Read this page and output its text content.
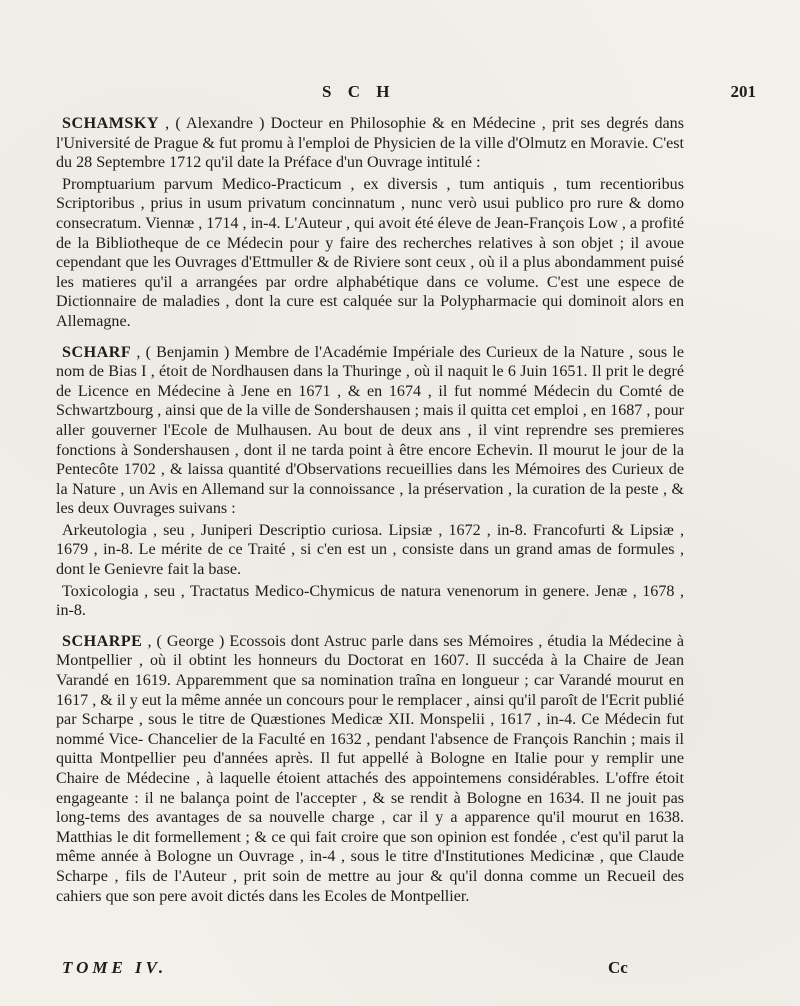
S C H	201

SCHAMSKY , ( Alexandre ) Docteur en Philosophie & en Médecine , prit ses degrés dans l'Université de Prague & fut promu à l'emploi de Physicien de la ville d'Olmutz en Moravie. C'est du 28 Septembre 1712 qu'il date la Préface d'un Ouvrage intitulé :

Promptuarium parvum Medico-Practicum , ex diversis , tum antiquis , tum recentioribus Scriptoribus , prius in usum privatum concinnatum , nunc verò usui publico pro rure & domo consecratum. Viennæ , 1714 , in-4. L'Auteur , qui avoit été éleve de Jean-François Low , a profité de la Bibliotheque de ce Médecin pour y faire des recherches relatives à son objet ; il avoue cependant que les Ouvrages d'Ettmuller & de Riviere sont ceux , où il a plus abondamment puisé les matieres qu'il a arrangées par ordre alphabétique dans ce volume. C'est une espece de Dictionnaire de maladies , dont la cure est calquée sur la Polypharmacie qui dominoit alors en Allemagne.

SCHARF , ( Benjamin ) Membre de l'Académie Impériale des Curieux de la Nature , sous le nom de Bias I , étoit de Nordhausen dans la Thuringe , où il naquit le 6 Juin 1651. Il prit le degré de Licence en Médecine à Jene en 1671 , & en 1674 , il fut nommé Médecin du Comté de Schwartzbourg , ainsi que de la ville de Sondershausen ; mais il quitta cet emploi , en 1687 , pour aller gouverner l'Ecole de Mulhausen. Au bout de deux ans , il vint reprendre ses premieres fonctions à Sondershausen , dont il ne tarda point à être encore Echevin. Il mourut le jour de la Pentecôte 1702 , & laissa quantité d'Observations recueillies dans les Mémoires des Curieux de la Nature , un Avis en Allemand sur la connoissance , la préservation , la curation de la peste , & les deux Ouvrages suivans :

Arkeutologia , seu , Juniperi Descriptio curiosa. Lipsiæ , 1672 , in-8. Francofurti & Lipsiæ , 1679 , in-8. Le mérite de ce Traité , si c'en est un , consiste dans un grand amas de formules , dont le Genievre fait la base.

Toxicologia , seu , Tractatus Medico-Chymicus de natura venenorum in genere. Jenæ , 1678 , in-8.

SCHARPE , ( George ) Ecossois dont Astruc parle dans ses Mémoires , étudia la Médecine à Montpellier , où il obtint les honneurs du Doctorat en 1607. Il succéda à la Chaire de Jean Varandé en 1619. Apparemment que sa nomination traîna en longueur ; car Varandé mourut en 1617 , & il y eut la même année un concours pour le remplacer , ainsi qu'il paroît de l'Ecrit publié par Scharpe , sous le titre de Quæstiones Medicæ XII. Monspelii , 1617 , in-4. Ce Médecin fut nommé Vice- Chancelier de la Faculté en 1632 , pendant l'absence de François Ranchin ; mais il quitta Montpellier peu d'années après. Il fut appellé à Bologne en Italie pour y remplir une Chaire de Médecine , à laquelle étoient attachés des appointemens considérables. L'offre étoit engageante : il ne balança point de l'accepter , & se rendit à Bologne en 1634. Il ne jouit pas long-tems des avantages de sa nouvelle charge , car il y a apparence qu'il mourut en 1638. Matthias le dit formellement ; & ce qui fait croire que son opinion est fondée , c'est qu'il parut la même année à Bologne un Ouvrage , in-4 , sous le titre d'Institutiones Medicinæ , que Claude Scharpe , fils de l'Auteur , prit soin de mettre au jour & qu'il donna comme un Recueil des cahiers que son pere avoit dictés dans les Ecoles de Montpellier.

TOME IV.	Cc
